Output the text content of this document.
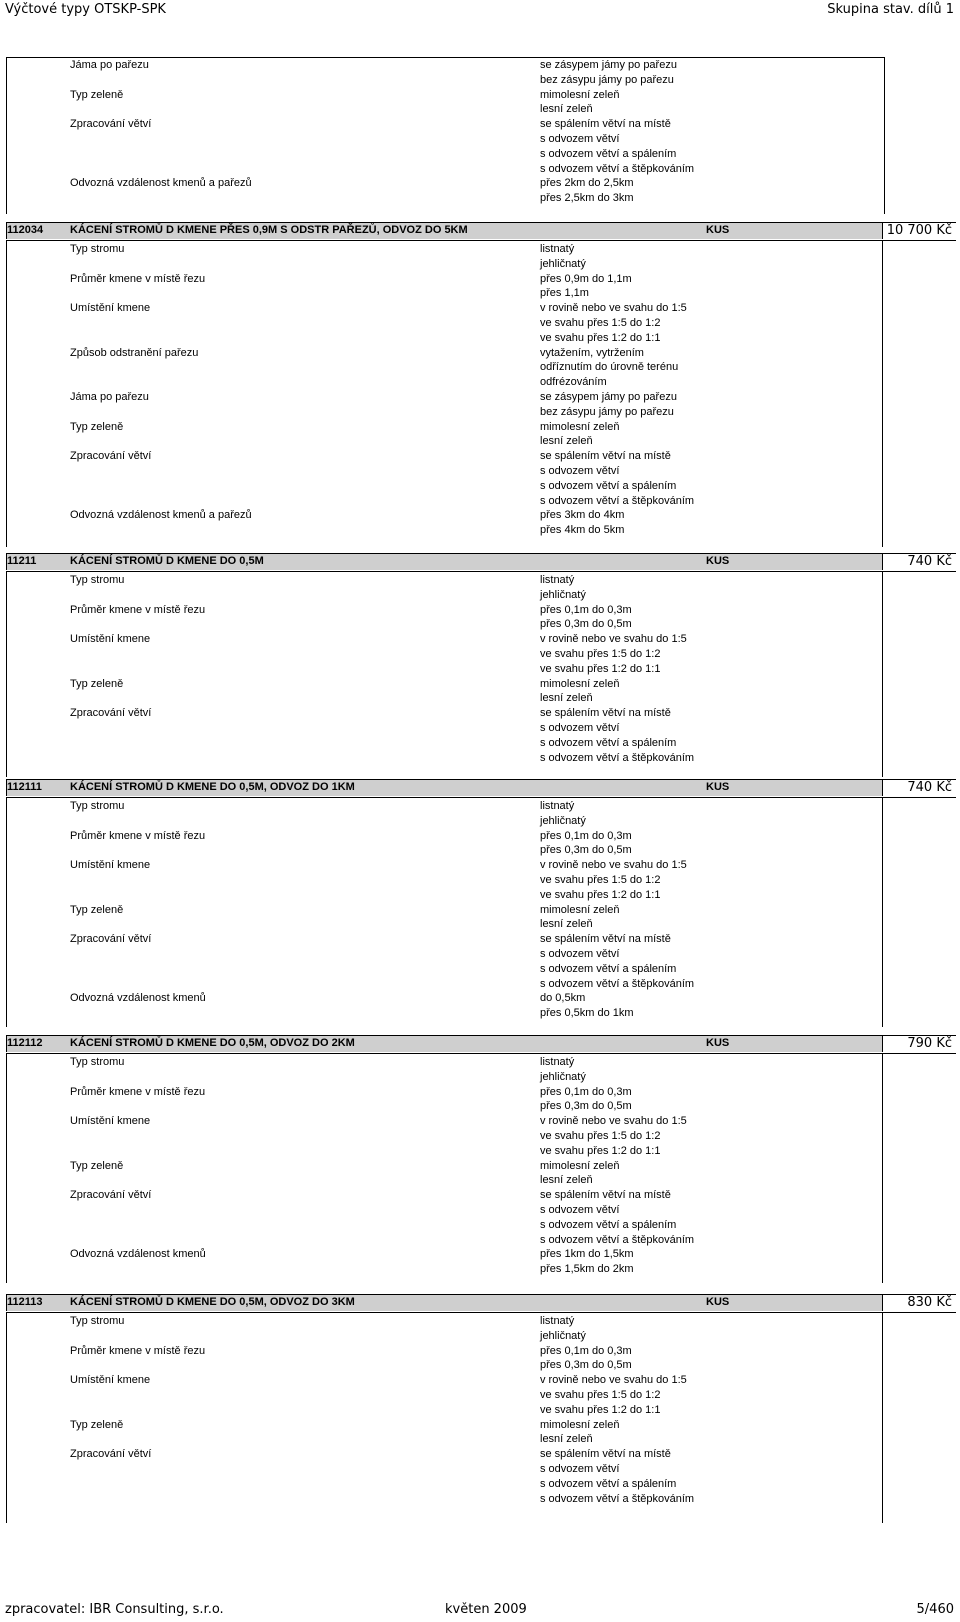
Výčtové typy OTSKP-SPK	Skupina stav. dílů 1
Jáma po pařezu	se zásypem jámy po pařezu
bez zásypu jámy po pařezu
Typ zeleně	mimolesní zeleň
lesní zeleň
Zpracování větví	se spálením větví na místě
s odvozem větví
s odvozem větví a spálením
s odvozem větví a štěpkováním
Odvozná vzdálenost kmenů a pařezů	přes 2km do 2,5km
přes 2,5km do 3km
112034 KÁCENÍ STROMŮ D KMENE PŘES 0,9M S ODSTR PAŘEZŮ, ODVOZ DO 5KM	KUS	10 700 Kč
Typ stromu	listnatý
jehličnatý
Průměr kmene v místě řezu	přes 0,9m do 1,1m
přes 1,1m
Umístění kmene	v rovině nebo ve svahu do 1:5
ve svahu přes 1:5 do 1:2
ve svahu přes 1:2 do 1:1
Způsob odstranění pařezu	vytažením, vytržením
odříznutím do úrovně terénu
odfrézováním
Jáma po pařezu	se zásypem jámy po pařezu
bez zásypu jámy po pařezu
Typ zeleně	mimolesní zeleň
lesní zeleň
Zpracování větví	se spálením větví na místě
s odvozem větví
s odvozem větví a spálením
s odvozem větví a štěpkováním
Odvozná vzdálenost kmenů a pařezů	přes 3km do 4km
přes 4km do 5km
11211	KÁCENÍ STROMŮ D KMENE DO 0,5M	KUS	740 Kč
Typ stromu	listnatý
jehličnatý
Průměr kmene v místě řezu	přes 0,1m do 0,3m
přes 0,3m do 0,5m
Umístění kmene	v rovině nebo ve svahu do 1:5
ve svahu přes 1:5 do 1:2
ve svahu přes 1:2 do 1:1
Typ zeleně	mimolesní zeleň
lesní zeleň
Zpracování větví	se spálením větví na místě
s odvozem větví
s odvozem větví a spálením
s odvozem větví a štěpkováním
112111	KÁCENÍ STROMŮ D KMENE DO 0,5M, ODVOZ DO 1KM	KUS	740 Kč
Typ stromu	listnatý
jehličnatý
Průměr kmene v místě řezu	přes 0,1m do 0,3m
přes 0,3m do 0,5m
Umístění kmene	v rovině nebo ve svahu do 1:5
ve svahu přes 1:5 do 1:2
ve svahu přes 1:2 do 1:1
Typ zeleně	mimolesní zeleň
lesní zeleň
Zpracování větví	se spálením větví na místě
s odvozem větví
s odvozem větví a spálením
s odvozem větví a štěpkováním
Odvozná vzdálenost kmenů	do 0,5km
přes 0,5km do 1km
112112	KÁCENÍ STROMŮ D KMENE DO 0,5M, ODVOZ DO 2KM	KUS	790 Kč
Typ stromu	listnatý
jehličnatý
Průměr kmene v místě řezu	přes 0,1m do 0,3m
přes 0,3m do 0,5m
Umístění kmene	v rovině nebo ve svahu do 1:5
ve svahu přes 1:5 do 1:2
ve svahu přes 1:2 do 1:1
Typ zeleně	mimolesní zeleň
lesní zeleň
Zpracování větví	se spálením větví na místě
s odvozem větví
s odvozem větví a spálením
s odvozem větví a štěpkováním
Odvozná vzdálenost kmenů	přes 1km do 1,5km
přes 1,5km do 2km
112113	KÁCENÍ STROMŮ D KMENE DO 0,5M, ODVOZ DO 3KM	KUS	830 Kč
Typ stromu	listnatý
jehličnatý
Průměr kmene v místě řezu	přes 0,1m do 0,3m
přes 0,3m do 0,5m
Umístění kmene	v rovině nebo ve svahu do 1:5
ve svahu přes 1:5 do 1:2
ve svahu přes 1:2 do 1:1
Typ zeleně	mimolesní zeleň
lesní zeleň
Zpracování větví	se spálením větví na místě
s odvozem větví
s odvozem větví a spálením
s odvozem větví a štěpkováním
zpracovatel: IBR Consulting, s.r.o.	květen 2009	5/460
